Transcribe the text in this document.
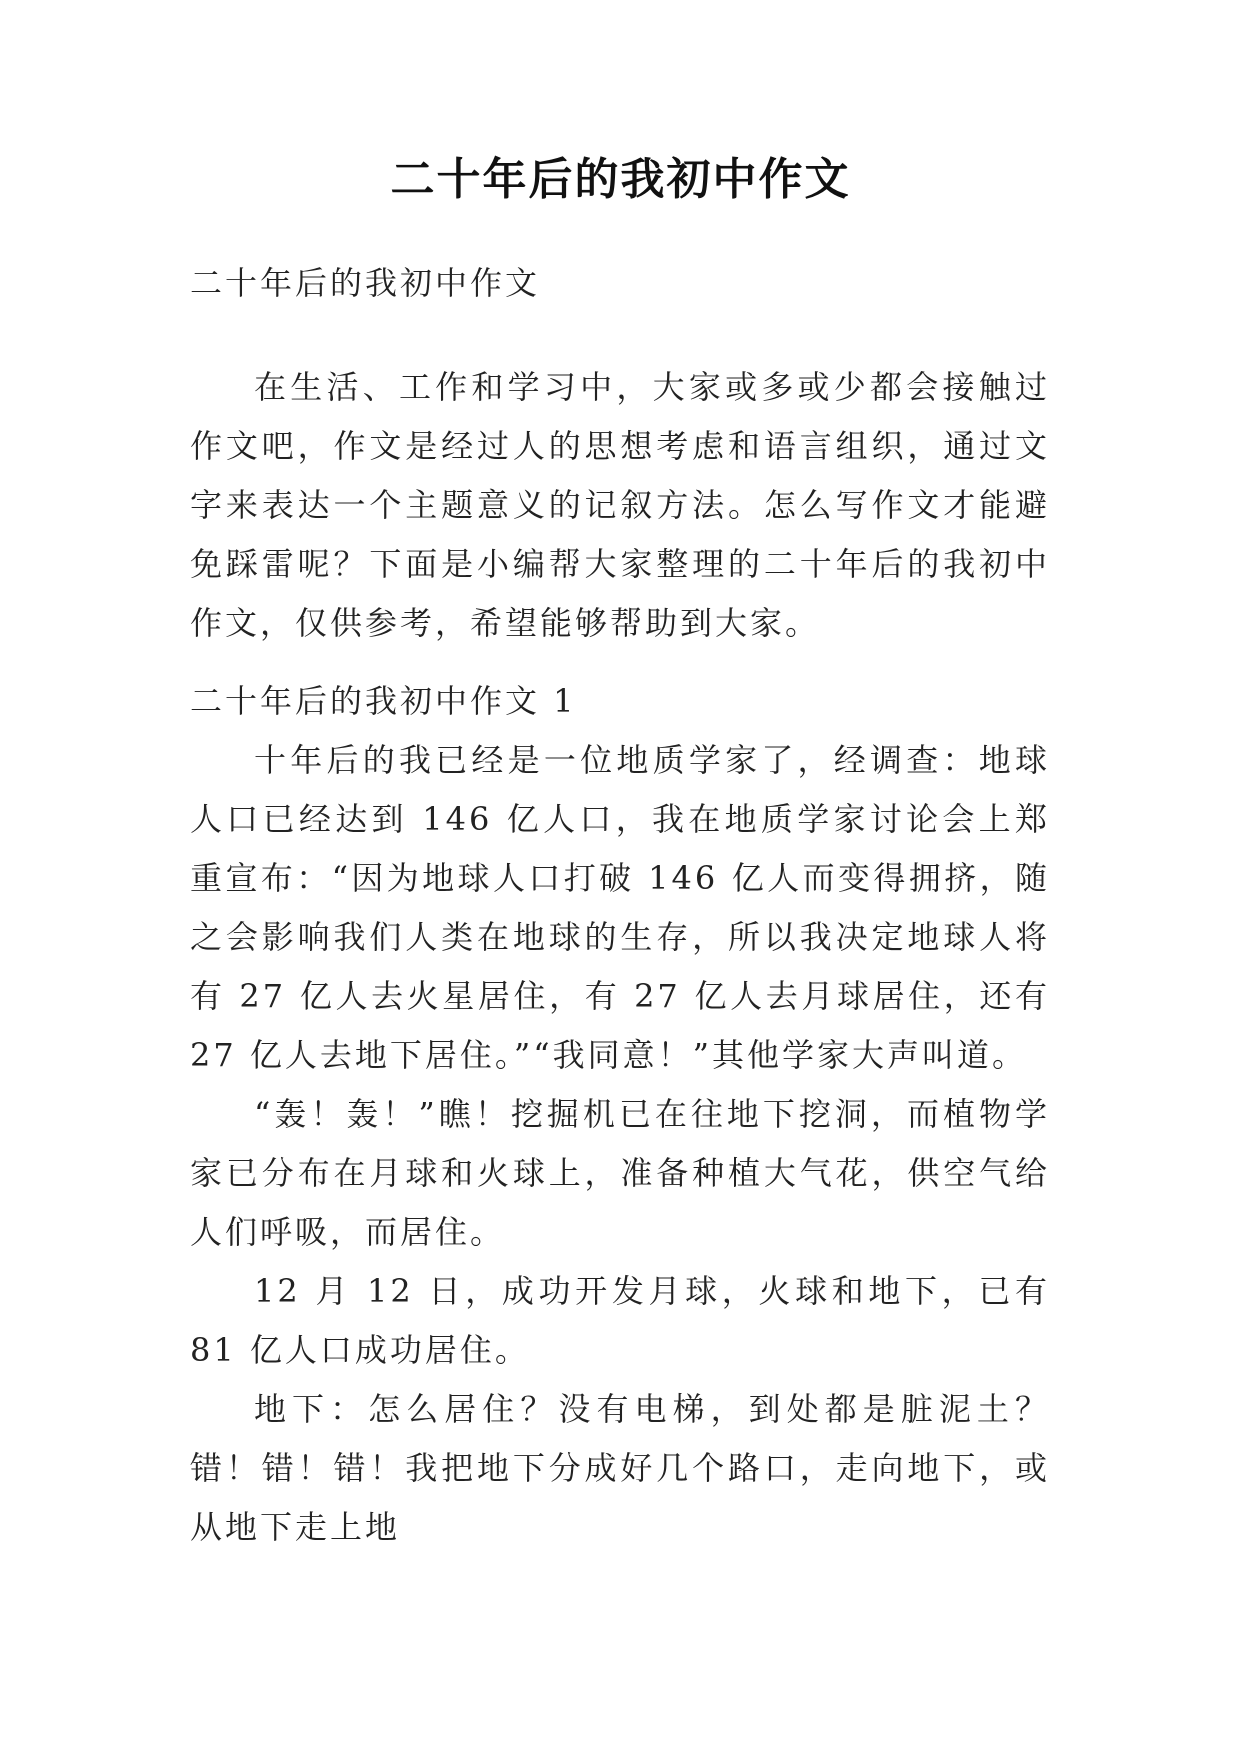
二十年后的我初中作文

二十年后的我初中作文

在生活、工作和学习中，大家或多或少都会接触过作文吧，作文是经过人的思想考虑和语言组织，通过文字来表达一个主题意义的记叙方法。怎么写作文才能避免踩雷呢？下面是小编帮大家整理的二十年后的我初中作文，仅供参考，希望能够帮助到大家。

二十年后的我初中作文 1

十年后的我已经是一位地质学家了，经调查：地球人口已经达到 146 亿人口，我在地质学家讨论会上郑重宣布：“因为地球人口打破 146 亿人而变得拥挤，随之会影响我们人类在地球的生存，所以我决定地球人将有 27 亿人去火星居住，有 27 亿人去月球居住，还有 27 亿人去地下居住。”“我同意！”其他学家大声叫道。

“轰！轰！”瞧！挖掘机已在往地下挖洞，而植物学家已分布在月球和火球上，准备种植大气花，供空气给人们呼吸，而居住。

12 月 12 日，成功开发月球，火球和地下，已有 81 亿人口成功居住。

地下：怎么居住？没有电梯，到处都是脏泥土？错！错！错！我把地下分成好几个路口，走向地下，或从地下走上地
